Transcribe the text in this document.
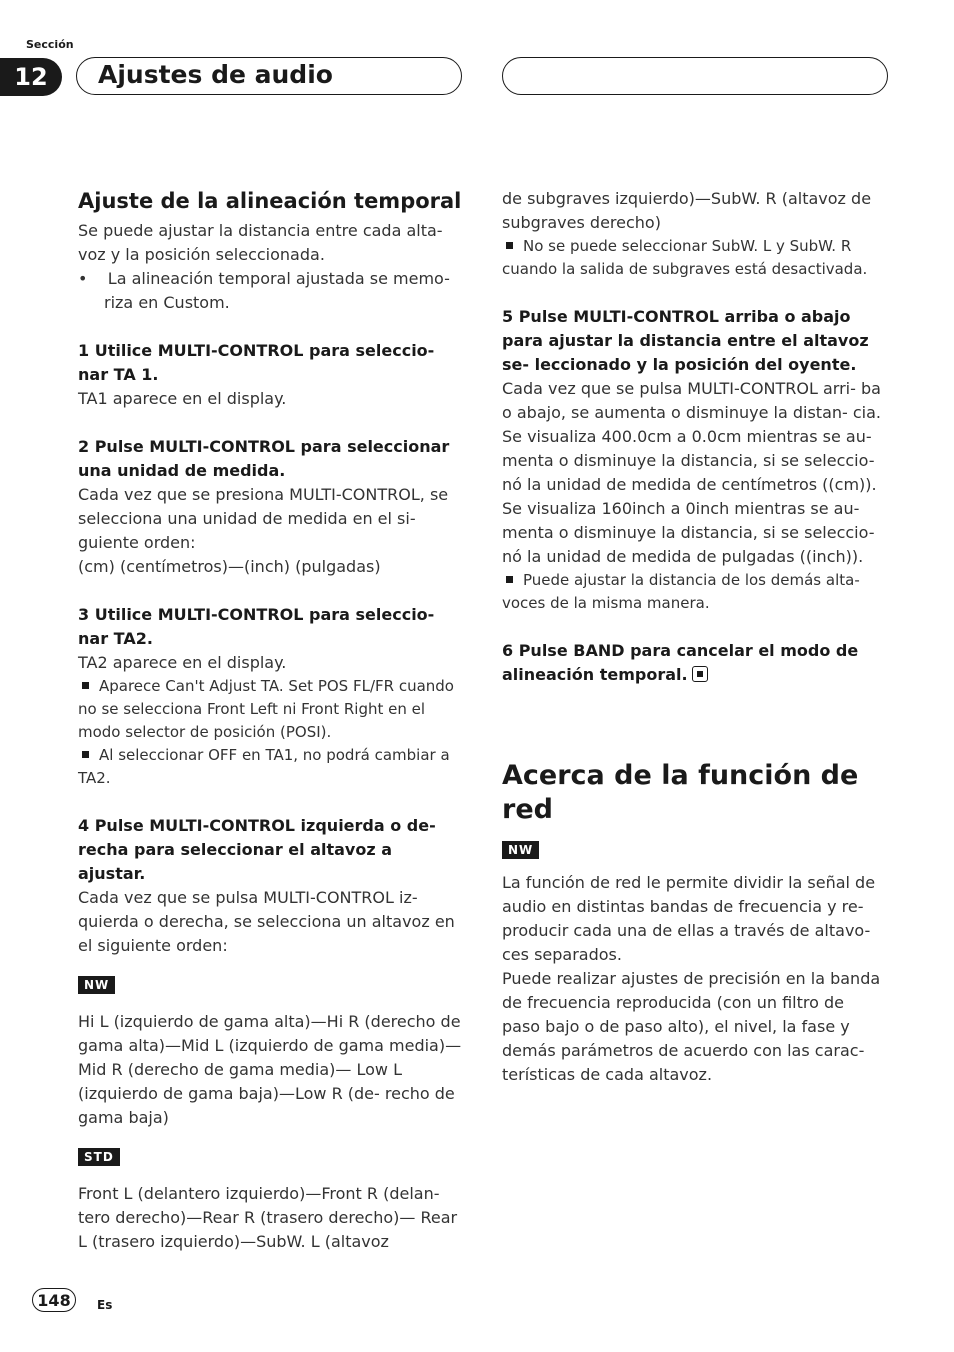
Sección
12	Ajustes de audio
Ajuste de la alineación temporal

Se puede ajustar la distancia entre cada alta- voz y la posición seleccionada.

•    La alineación temporal ajustada se memo- riza en Custom.

1 Utilice MULTI-CONTROL para seleccio- nar TA 1.

TA1 aparece en el display.

2 Pulse MULTI-CONTROL para seleccionar una unidad de medida.

Cada vez que se presiona MULTI-CONTROL, se selecciona una unidad de medida en el si- guiente orden:

(cm) (centímetros)—(inch) (pulgadas)

3 Utilice MULTI-CONTROL para seleccio- nar TA2.

TA2 aparece en el display.

Aparece Can't Adjust TA. Set POS FL/FR cuando no se selecciona Front Left ni Front Right en el modo selector de posición (POSI).

Al seleccionar OFF en TA1, no podrá cambiar a TA2.

4 Pulse MULTI-CONTROL izquierda o de- recha para seleccionar el altavoz a ajustar.

Cada vez que se pulsa MULTI-CONTROL iz- quierda o derecha, se selecciona un altavoz en el siguiente orden:

NW

Hi L (izquierdo de gama alta)—Hi R (derecho de gama alta)—Mid L (izquierdo de gama media)—Mid R (derecho de gama media)— Low L (izquierdo de gama baja)—Low R (de- recho de gama baja)

STD

Front L (delantero izquierdo)—Front R (delan- tero derecho)—Rear R (trasero derecho)— Rear L (trasero izquierdo)—SubW. L (altavoz

de subgraves izquierdo)—SubW. R (altavoz de subgraves derecho)

No se puede seleccionar SubW. L y SubW. R cuando la salida de subgraves está desactivada.

5 Pulse MULTI-CONTROL arriba o abajo para ajustar la distancia entre el altavoz se- leccionado y la posición del oyente.

Cada vez que se pulsa MULTI-CONTROL arri- ba o abajo, se aumenta o disminuye la distan- cia.

Se visualiza 400.0cm a 0.0cm mientras se au- menta o disminuye la distancia, si se seleccio- nó la unidad de medida de centímetros ((cm)).

Se visualiza 160inch a 0inch mientras se au- menta o disminuye la distancia, si se seleccio- nó la unidad de medida de pulgadas ((inch)).

Puede ajustar la distancia de los demás alta- voces de la misma manera.

6 Pulse BAND para cancelar el modo de alineación temporal.

Acerca de la función de red

NW

La función de red le permite dividir la señal de audio en distintas bandas de frecuencia y re- producir cada una de ellas a través de altavo- ces separados.

Puede realizar ajustes de precisión en la banda de frecuencia reproducida (con un filtro de paso bajo o de paso alto), el nivel, la fase y demás parámetros de acuerdo con las carac- terísticas de cada altavoz.

148	Es
